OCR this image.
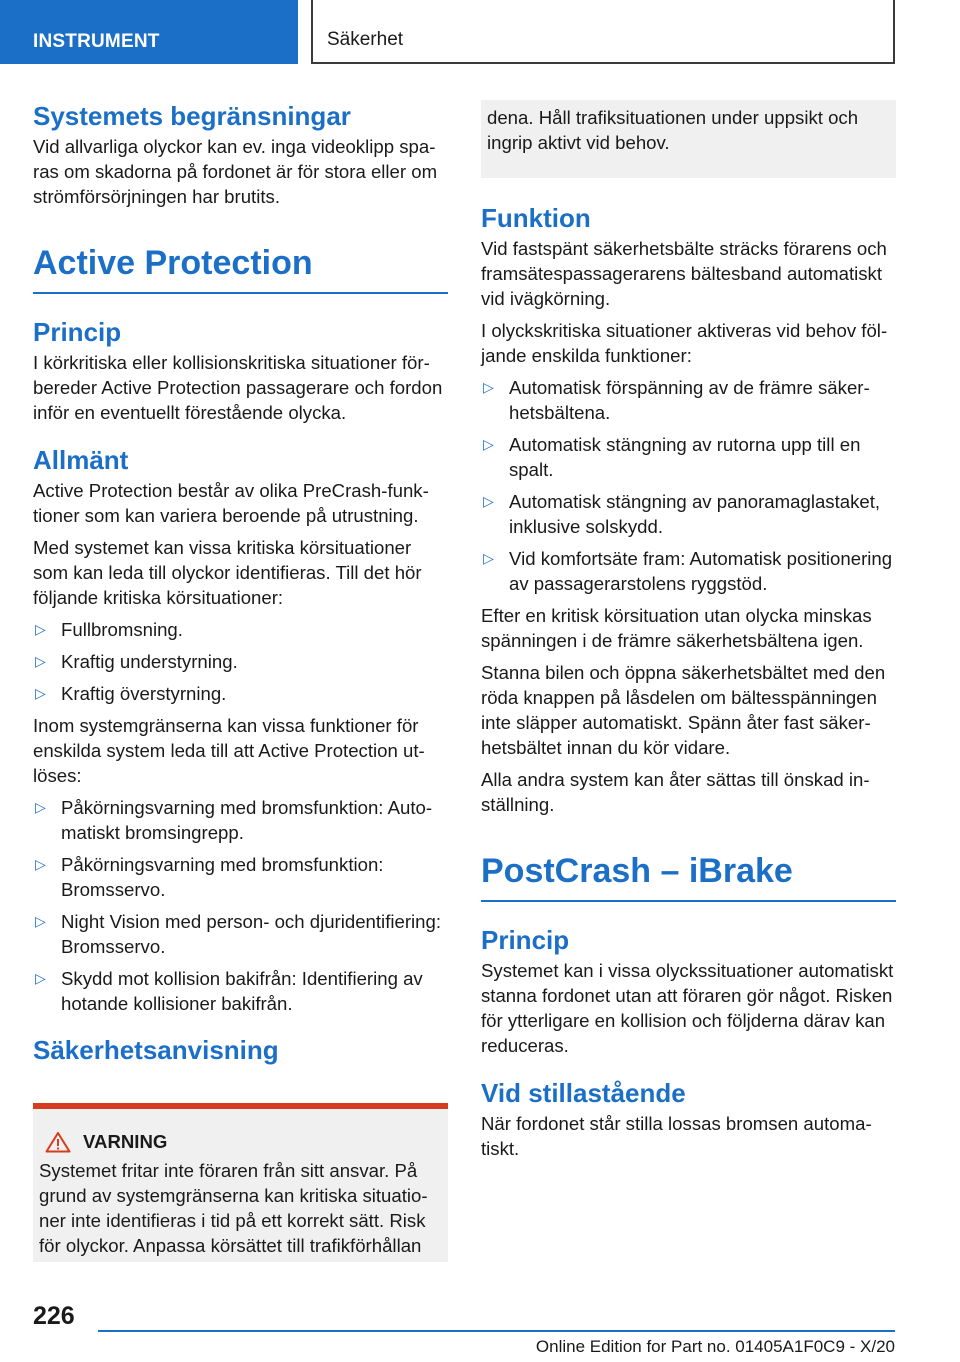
INSTRUMENT	Säkerhet
Systemets begränsningar

Vid allvarliga olyckor kan ev. inga videoklipp sparas om skadorna på fordonet är för stora eller om strömförsörjningen har brutits.

Active Protection
Princip

I körkritiska eller kollisionskritiska situationer förbereder Active Protection passagerare och fordon inför en eventuellt förestående olycka.

Allmänt

Active Protection består av olika PreCrash-funktioner som kan variera beroende på utrustning.

Med systemet kan vissa kritiska körsituationer som kan leda till olyckor identifieras. Till det hör följande kritiska körsituationer:

▷ Fullbromsning.
▷ Kraftig understyrning.
▷ Kraftig överstyrning.

Inom systemgränserna kan vissa funktioner för enskilda system leda till att Active Protection utlöses:

▷ Påkörningsvarning med bromsfunktion: Automatiskt bromsingrepp.
▷ Påkörningsvarning med bromsfunktion: Bromsservo.
▷ Night Vision med person- och djuridentifiering: Bromsservo.
▷ Skydd mot kollision bakifrån: Identifiering av hotande kollisioner bakifrån.
Säkerhetsanvisning
VARNING

Systemet fritar inte föraren från sitt ansvar. På grund av systemgränserna kan kritiska situationer inte identifieras i tid på ett korrekt sätt. Risk för olyckor. Anpassa körsättet till trafikförhållan

dena. Håll trafiksituationen under uppsikt och ingrip aktivt vid behov.

Funktion

Vid fastspänt säkerhetsbälte sträcks förarens och framsätespassagerarens bältesband automatiskt vid ivägkörning.

I olyckskritiska situationer aktiveras vid behov följande enskilda funktioner:

▷ Automatisk förspänning av de främre säkerhetsbältena.
▷ Automatisk stängning av rutorna upp till en spalt.
▷ Automatisk stängning av panoramaglastaket, inklusive solskydd.
▷ Vid komfortsäte fram: Automatisk positionering av passagerarstolens ryggstöd.

Efter en kritisk körsituation utan olycka minskas spänningen i de främre säkerhetsbältena igen.

Stanna bilen och öppna säkerhetsbältet med den röda knappen på låsdelen om bältesspänningen inte släpper automatiskt. Spänn åter fast säkerhetsbältet innan du kör vidare.

Alla andra system kan åter sättas till önskad inställning.

PostCrash – iBrake
Princip

Systemet kan i vissa olyckssituationer automatiskt stanna fordonet utan att föraren gör något. Risken för ytterligare en kollision och följderna därav kan reduceras.

Vid stillastående

När fordonet står stilla lossas bromsen automatiskt.

226
Online Edition for Part no. 01405A1F0C9 - X/20
